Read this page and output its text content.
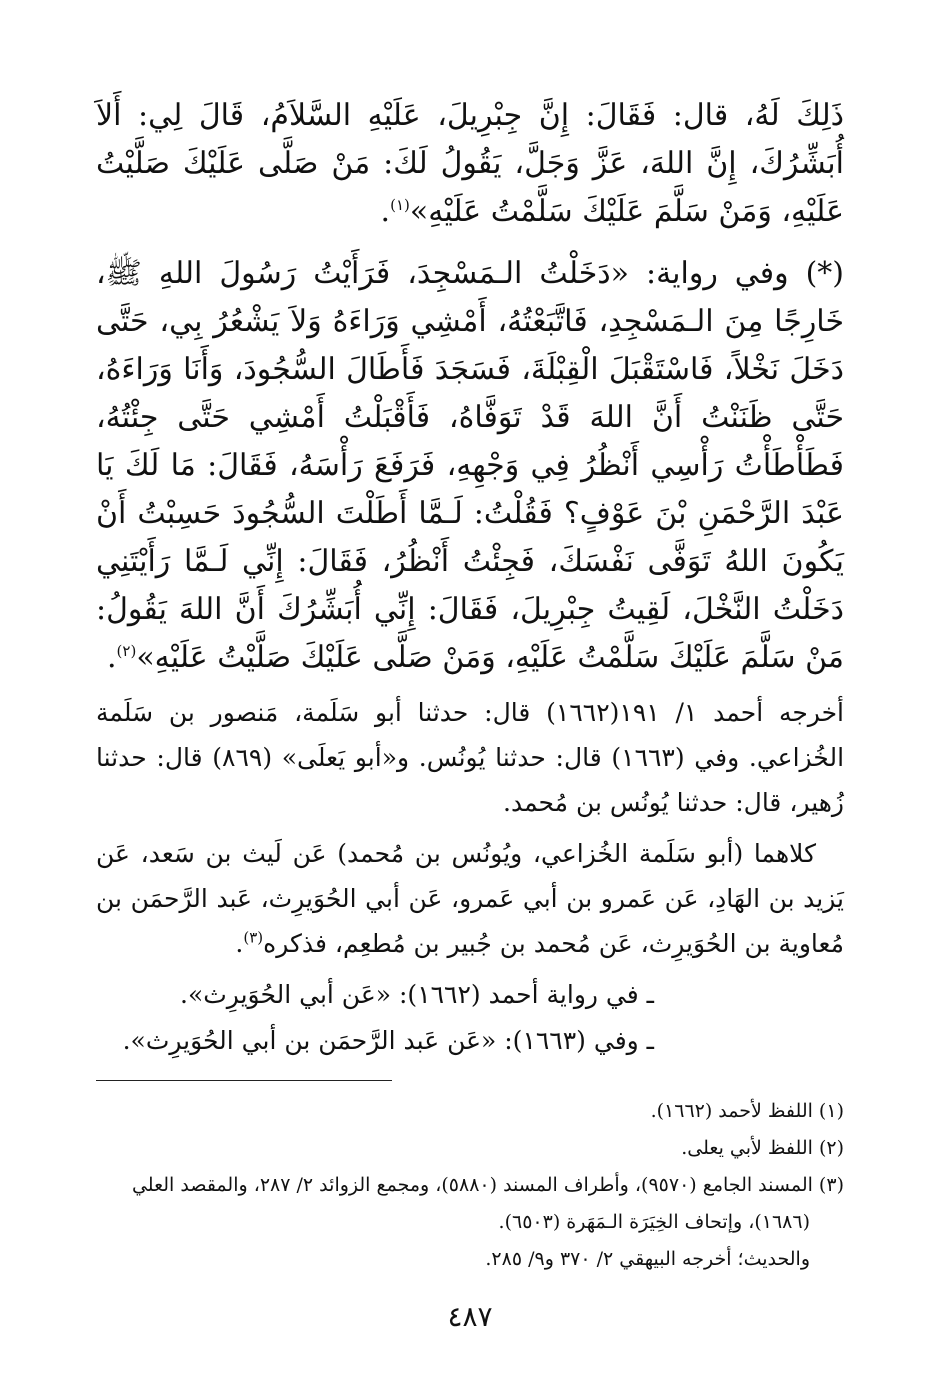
ذَلِكَ لَهُ، قال: فَقَالَ: إِنَّ جِبْرِيلَ، عَلَيْهِ السَّلاَمُ، قَالَ لِي: أَلاَ أُبَشِّرُكَ، إِنَّ اللهَ، عَزَّ وَجَلَّ، يَقُولُ لَكَ: مَنْ صَلَّى عَلَيْكَ صَلَّيْتُ عَلَيْهِ، وَمَنْ سَلَّمَ عَلَيْكَ سَلَّمْتُ عَلَيْهِ»$^{(١)}$.

(*) وفي رواية: «دَخَلْتُ الـمَسْجِدَ، فَرَأَيْتُ رَسُولَ اللهِ ﷺ، خَارِجًا مِنَ الـمَسْجِدِ، فَاتَّبَعْتُهُ، أَمْشِي وَرَاءَهُ وَلاَ يَشْعُرُ بِي، حَتَّى دَخَلَ نَخْلاً، فَاسْتَقْبَلَ الْقِبْلَةَ، فَسَجَدَ فَأَطَالَ السُّجُودَ، وَأَنَا وَرَاءَهُ، حَتَّى ظَنَنْتُ أَنَّ اللهَ قَدْ تَوَفَّاهُ، فَأَقْبَلْتُ أَمْشِي حَتَّى جِئْتُهُ، فَطَأْطَأْتُ رَأْسِي أَنْظُرُ فِي وَجْهِهِ، فَرَفَعَ رَأْسَهُ، فَقَالَ: مَا لَكَ يَا عَبْدَ الرَّحْمَنِ بْنَ عَوْفٍ؟ فَقُلْتُ: لَـمَّا أَطَلْتَ السُّجُودَ حَسِبْتُ أَنْ يَكُونَ اللهُ تَوَفَّى نَفْسَكَ، فَجِئْتُ أَنْظُرُ، فَقَالَ: إِنِّي لَـمَّا رَأَيْتَنِي دَخَلْتُ النَّخْلَ، لَقِيتُ جِبْرِيلَ، فَقَالَ: إِنِّي أُبَشِّرُكَ أَنَّ اللهَ يَقُولُ: مَنْ سَلَّمَ عَلَيْكَ سَلَّمْتُ عَلَيْهِ، وَمَنْ صَلَّى عَلَيْكَ صَلَّيْتُ عَلَيْهِ»$^{(٢)}$.

أخرجه أحمد ١/ ١٩١(١٦٦٢) قال: حدثنا أبو سَلَمة، مَنصور بن سَلَمة الخُزاعي. وفي (١٦٦٣) قال: حدثنا يُونُس. و«أبو يَعلَى» (٨٦٩) قال: حدثنا زُهير، قال: حدثنا يُونُس بن مُحمد.

كلاهما (أبو سَلَمة الخُزاعي، ويُونُس بن مُحمد) عَن لَيث بن سَعد، عَن يَزيد بن الهَادِ، عَن عَمرو بن أبي عَمرو، عَن أبي الحُوَيرِث، عَبد الرَّحمَن بن مُعاوية بن الحُوَيرِث، عَن مُحمد بن جُبير بن مُطعِم، فذكره$^{(٣)}$.

ـ في رواية أحمد (١٦٦٢): «عَن أبي الحُوَيرِث».

ـ وفي (١٦٦٣): «عَن عَبد الرَّحمَن بن أبي الحُوَيرِث».

(١) اللفظ لأحمد (١٦٦٢).

(٢) اللفظ لأبي يعلى.

(٣) المسند الجامع (٩٥٧٠)، وأطراف المسند (٥٨٨٠)، ومجمع الزوائد ٢/ ٢٨٧، والمقصد العلي

(١٦٨٦)، وإتحاف الخِيَرَة الـمَهَرة (٦٥٠٣).

والحديث؛ أخرجه البيهقي ٢/ ٣٧٠ و٩/ ٢٨٥.

٤٨٧
